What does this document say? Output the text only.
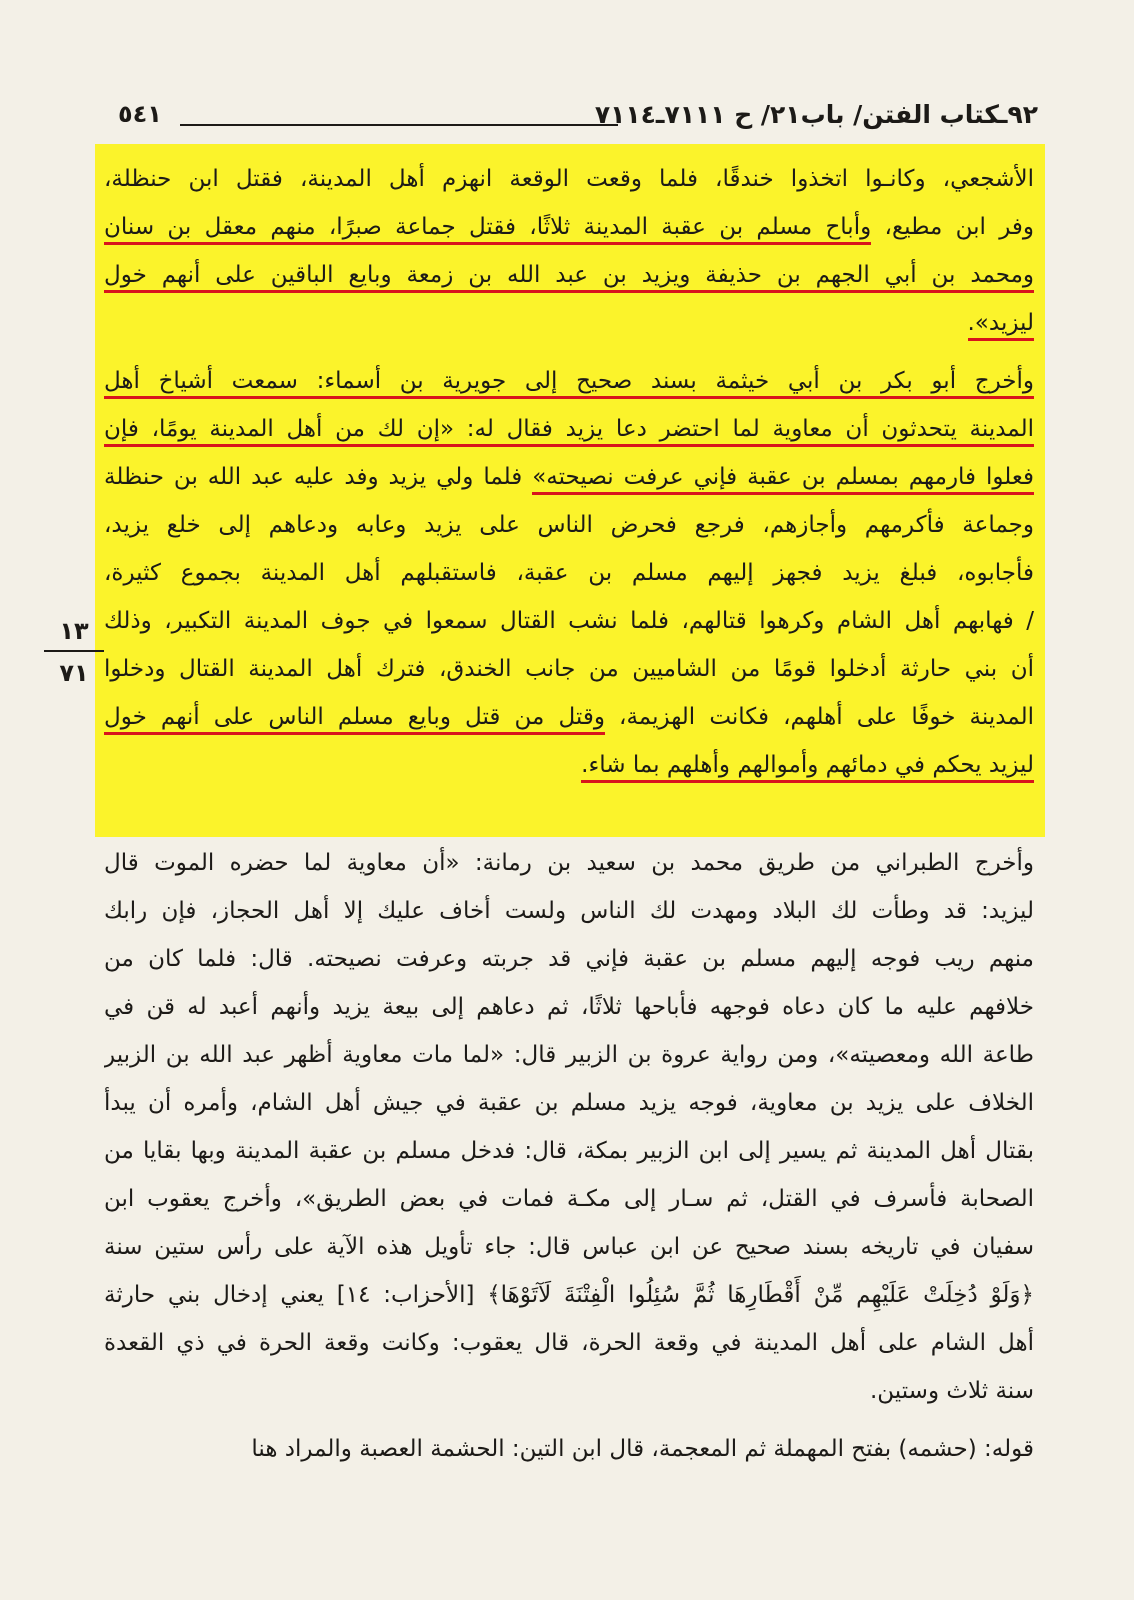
٩٢ـكتاب الفتن/ باب٢١/ ح ٧١١١ـ٧١١٤
٥٤١
الأشجعي، وكانـوا اتخذوا خندقًا، فلما وقعت الوقعة انهزم أهل المدينة، فقتل ابن حنظلة،
وفر ابن مطيع، وأباح مسلم بن عقبة المدينة ثلاثًا، فقتل جماعة صبرًا، منهم معقل بن سنان
ومحمد بن أبي الجهم بن حذيفة ويزيد بن عبد الله بن زمعة وبايع الباقين على أنهم خول
ليزيد».
وأخرج أبو بكر بن أبي خيثمة بسند صحيح إلى جويرية بن أسماء: سمعت أشياخ أهل
المدينة يتحدثون أن معاوية لما احتضر دعا يزيد فقال له: «إن لك من أهل المدينة يومًا، فإن
فعلوا فارمهم بمسلم بن عقبة فإني عرفت نصيحته» فلما ولي يزيد وفد عليه عبد الله بن حنظلة
وجماعة فأكرمهم وأجازهم، فرجع فحرض الناس على يزيد وعابه ودعاهم إلى خلع يزيد،
فأجابوه، فبلغ يزيد فجهز إليهم مسلم بن عقبة، فاستقبلهم أهل المدينة بجموع كثيرة،
/ فهابهم أهل الشام وكرهوا قتالهم، فلما نشب القتال سمعوا في جوف المدينة التكبير، وذلك
أن بني حارثة أدخلوا قومًا من الشاميين من جانب الخندق، فترك أهل المدينة القتال ودخلوا
المدينة خوفًا على أهلهم، فكانت الهزيمة، وقتل من قتل وبايع مسلم الناس على أنهم خول
ليزيد يحكم في دمائهم وأموالهم وأهلهم بما شاء.
١٣
٧١
وأخرج الطبراني من طريق محمد بن سعيد بن رمانة: «أن معاوية لما حضره الموت قال
ليزيد: قد وطأت لك البلاد ومهدت لك الناس ولست أخاف عليك إلا أهل الحجاز، فإن رابك
منهم ريب فوجه إليهم مسلم بن عقبة فإني قد جربته وعرفت نصيحته. قال: فلما كان من
خلافهم عليه ما كان دعاه فوجهه فأباحها ثلاثًا، ثم دعاهم إلى بيعة يزيد وأنهم أعبد له قن في
طاعة الله ومعصيته»، ومن رواية عروة بن الزبير قال: «لما مات معاوية أظهر عبد الله بن الزبير
الخلاف على يزيد بن معاوية، فوجه يزيد مسلم بن عقبة في جيش أهل الشام، وأمره أن يبدأ
بقتال أهل المدينة ثم يسير إلى ابن الزبير بمكة، قال: فدخل مسلم بن عقبة المدينة وبها بقايا من
الصحابة فأسرف في القتل، ثم سـار إلى مكـة فمات في بعض الطريق»، وأخرج يعقوب ابن
سفيان في تاريخه بسند صحيح عن ابن عباس قال: جاء تأويل هذه الآية على رأس ستين سنة
﴿وَلَوْ دُخِلَتْ عَلَيْهِم مِّنْ أَقْطَارِهَا ثُمَّ سُئِلُوا الْفِتْنَةَ لَآتَوْهَا﴾ [الأحزاب: ١٤] يعني إدخال بني حارثة
أهل الشام على أهل المدينة في وقعة الحرة، قال يعقوب: وكانت وقعة الحرة في ذي القعدة
سنة ثلاث وستين.
قوله: (حشمه) بفتح المهملة ثم المعجمة، قال ابن التين: الحشمة العصبة والمراد هنا
